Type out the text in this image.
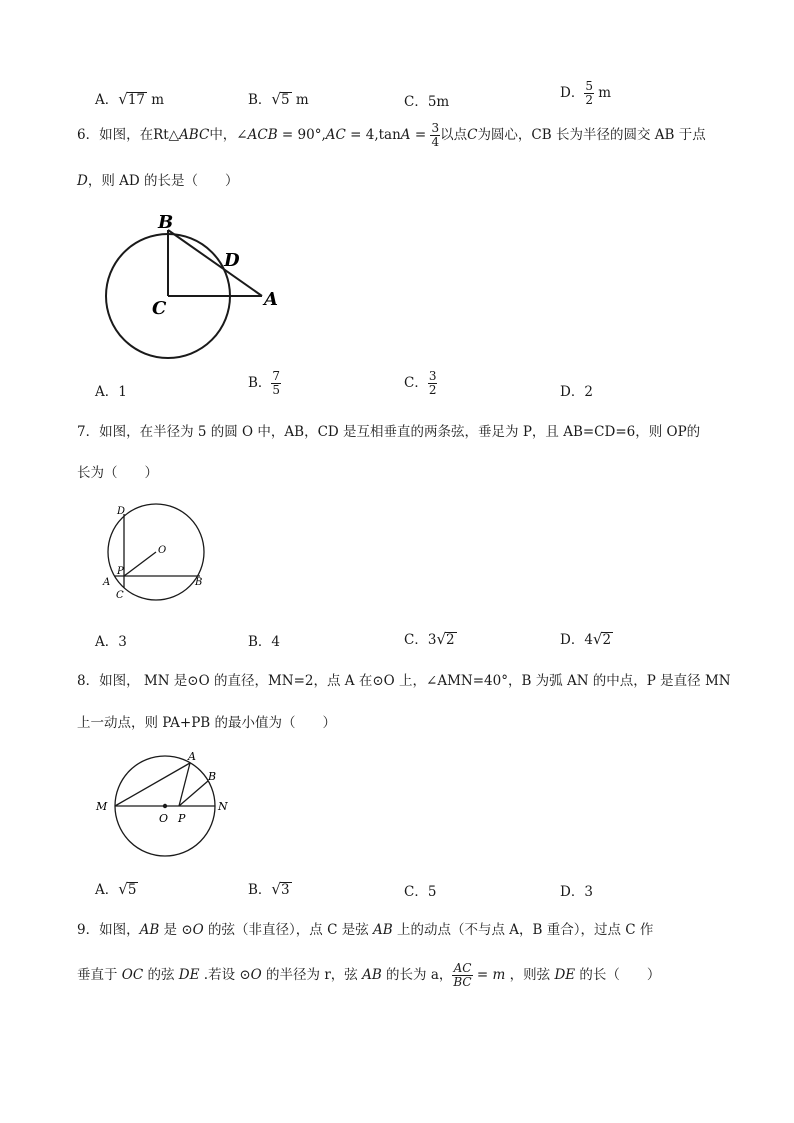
A．√17 m	B．√5 m	C．5m
D． $\frac{5}{2}$ m
6．如图，在Rt△ABC中，∠ACB = $90^\circ,AC = 4,\tan A = \frac{3}{4}$ 以点C为圆心，CB 长为半径的圆交 AB 于点
D，则 AD 的长是（　　）
B
D
C	A
A．1
B． $\frac{7}{5}$	C． $\frac{3}{2}$	D．2
7．如图，在半径为 5 的圆 O 中，AB，CD 是互相垂直的两条弦，垂足为 P，且 AB=CD=6，则 OP的
长为（　　）
D
O
P
A	B
C
A．3	B．4	C．3√2	D．4√2
8．如图， MN 是⊙O 的直径，MN=2，点 A 在⊙O 上，∠AMN=40°，B 为弧 AN 的中点，P 是直径 MN
上一动点，则 PA+PB 的最小值为（　　）
M	N
A
B
O P
A．√5	B．√3	C．5	D．3
9．如图，AB 是 ⊙O 的弦（非直径），点 C 是弦 AB 上的动点（不与点 A，B 重合），过点 C 作
垂直于 OC 的弦 DE .若设 ⊙O 的半径为 r，弦 AB 的长为 a， $\frac{AC}{BC} = m$ ，则弦 DE 的长（　　）
